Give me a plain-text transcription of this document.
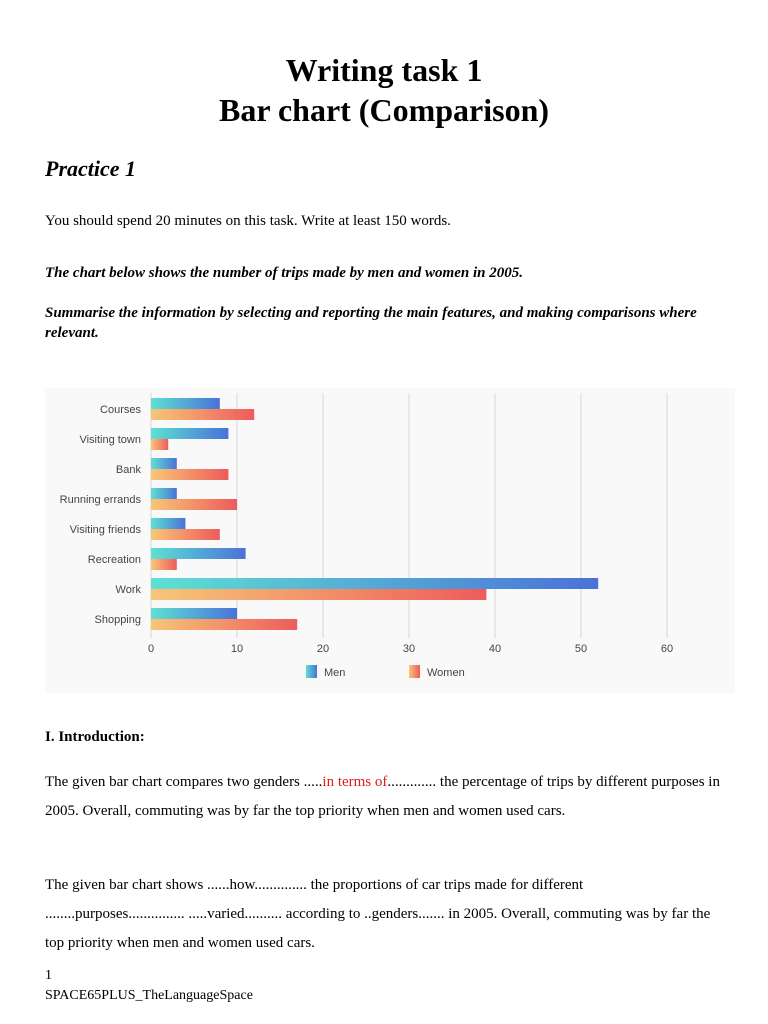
Writing task 1
Bar chart (Comparison)
Practice 1
You should spend 20 minutes on this task. Write at least 150 words.
The chart below shows the number of trips made by men and women in 2005.
Summarise the information by selecting and reporting the main features, and making comparisons where relevant.
Courses
Visiting town
Bank
Running errands
Visiting friends
Recreation
Work
Shopping
0	10	20	30	40	50	60
Men	Women
I. Introduction:
The given bar chart compares two genders .....in terms of............. the percentage of trips by different purposes in 2005. Overall, commuting was by far the top priority when men and women used cars.
The given bar chart shows ......how.............. the proportions of car trips made for different ........purposes............... .....varied.......... according to ..genders....... in 2005. Overall, commuting was by far the top priority when men and women used cars.
1
SPACE65PLUS_TheLanguageSpace
